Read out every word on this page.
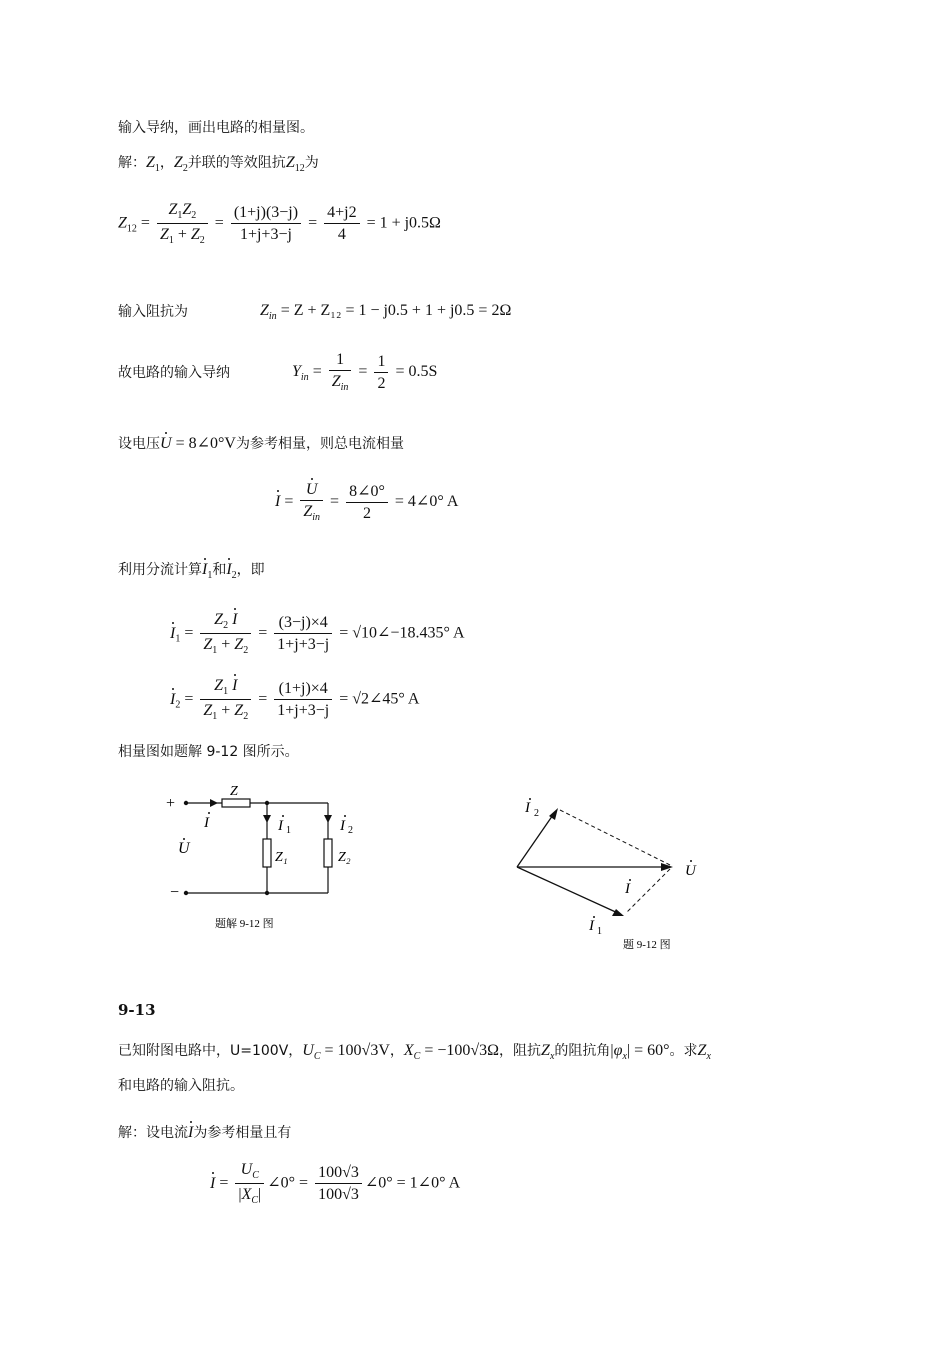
输入导纳，画出电路的相量图。
解：$Z_1$，$Z_2$并联的等效阻抗$Z_{12}$为
$Z_{12} = \frac{Z_1Z_2}{Z_1 + Z_2} = \frac{(1+j)(3-j)}{1+j+3-j} = \frac{4+j2}{4} = 1 + j0.5\Omega$
输入阻抗为	$Z_{in} = Z + Z_{12} = 1 - j0.5 + 1 + j0.5 = 2\Omega$
故电路的输入导纳	$Y_{in} = \frac{1}{Z_{in}} = \frac{1}{2} = 0.5S$
设电压U = 8∠0°V为参考相量，则总电流相量
$I = \frac{U}{Z_{in}} = \frac{8\angle 0^\circ}{2}$ = 4∠0° A
利用分流计算$I_1$和$I_2$，即
$I_1 = \frac{Z_2 I}{Z_1 + Z_2} = \frac{(3-j)\times 4}{1+j+3-j}$ = √10∠−18.435° A
$I_2 = \frac{Z_1 I}{Z_1 + Z_2} = \frac{(1+j)\times 4}{1+j+3-j}$ = √2∠45° A
相量图如题解 9-12 图所示。
+
Z
I	I 1
Z₁
I 2
Z₂
U
−
题解 9-12 图
I 2
U
I
I 1
题 9-12 图
9-13
已知附图电路中，U=100V，$U_C = 100√3V$，$X_C = -100√3\Omega$，阻抗$Z_x$的阻抗角$|\varphi_x| = 60^\circ$。求$Z_x$
和电路的输入阻抗。
解：设电流I为参考相量且有
$I = \frac{U_C}{|X_C|}$ ∠0° = $\frac{100√3}{100√3}$ ∠0° = 1∠0° A
